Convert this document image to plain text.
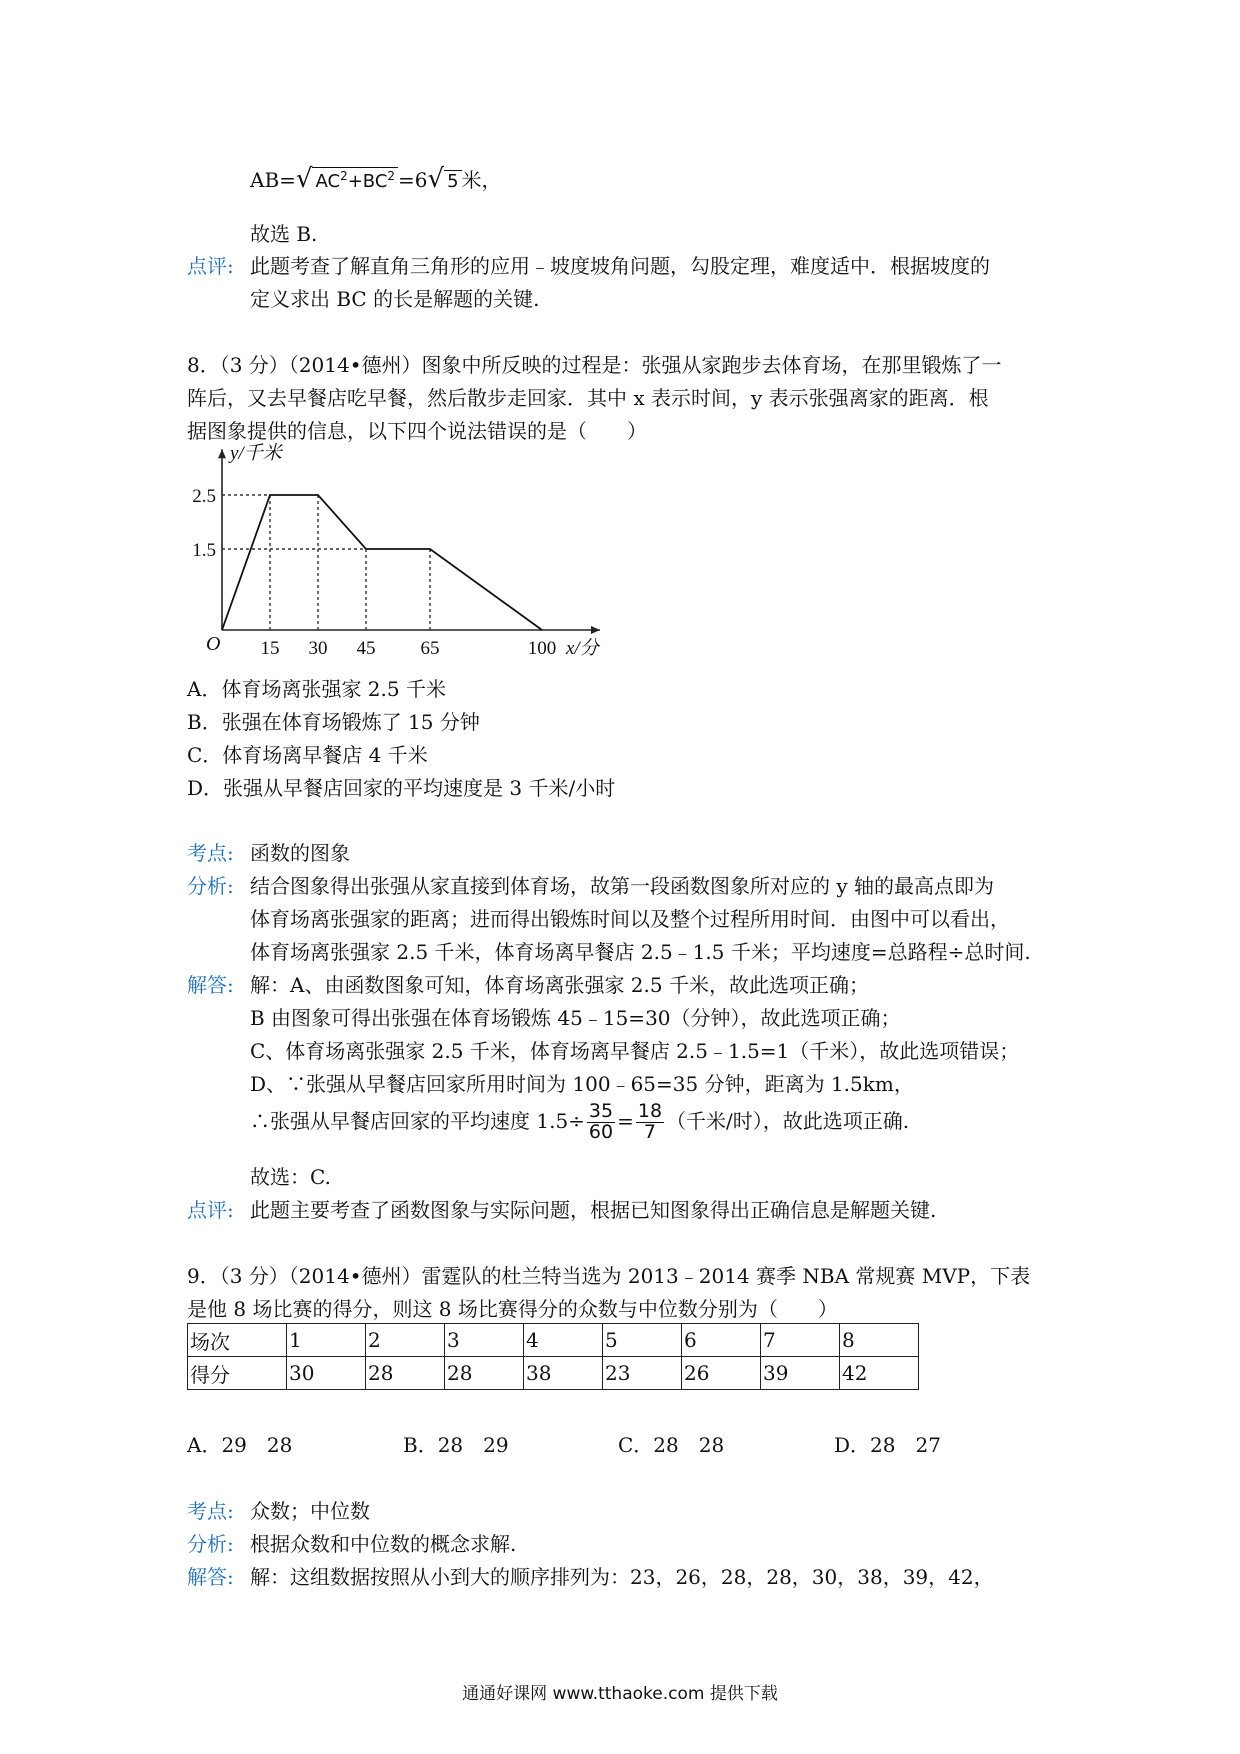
AB=√ $AC^2+BC^2 =6√$ 5 米，
故选 B.
点评: 此题考查了解直角三角形的应用﹣坡度坡角问题，勾股定理，难度适中．根据坡度的
定义求出 BC 的长是解题的关键.
8．（3 分）（2014•德州）图象中所反映的过程是：张强从家跑步去体育场，在那里锻炼了一
阵后，又去早餐店吃早餐，然后散步走回家．其中 x 表示时间，y 表示张强离家的距离．根
据图象提供的信息，以下四个说法错误的是（　　）
15 30 45 65	100
2.5
1.5
O	x/分
y/千米
A．体育场离张强家 2.5 千米
B．张强在体育场锻炼了 15 分钟
C．体育场离早餐店 4 千米
D．张强从早餐店回家的平均速度是 3 千米/小时
考点: 函数的图象
分析: 结合图象得出张强从家直接到体育场，故第一段函数图象所对应的 y 轴的最高点即为
体育场离张强家的距离；进而得出锻炼时间以及整个过程所用时间．由图中可以看出，
体育场离张强家 2.5 千米，体育场离早餐店 2.5﹣1.5 千米；平均速度=总路程÷总时间.
解答: 解：A、由函数图象可知，体育场离张强家 2.5 千米，故此选项正确；
B 由图象可得出张强在体育场锻炼 45﹣15=30（分钟），故此选项正确；
C、体育场离张强家 2.5 千米，体育场离早餐店 2.5﹣1.5=1（千米），故此选项错误；
D、∵张强从早餐店回家所用时间为 100﹣65=35 分钟，距离为 1.5km，
∴张强从早餐店回家的平均速度 $1.5\div \frac{35}{60} = \frac{18}{7}$ （千米/时），故此选项正确.
故选：C.
点评: 此题主要考查了函数图象与实际问题，根据已知图象得出正确信息是解题关键.
9．（3 分）（2014•德州）雷霆队的杜兰特当选为 2013﹣2014 赛季 NBA 常规赛 MVP，下表
是他 8 场比赛的得分，则这 8 场比赛得分的众数与中位数分别为（　　）
场次	1	2	3	4	5	6	7	8
得分	30	28	28	38	23	26	39	42
A．29　28	B．28　29	C．28　28	D．28　27
考点: 众数；中位数
分析: 根据众数和中位数的概念求解.
解答: 解：这组数据按照从小到大的顺序排列为：23，26，28，28，30，38，39，42，
通通好课网 www.tthaoke.com 提供下载
